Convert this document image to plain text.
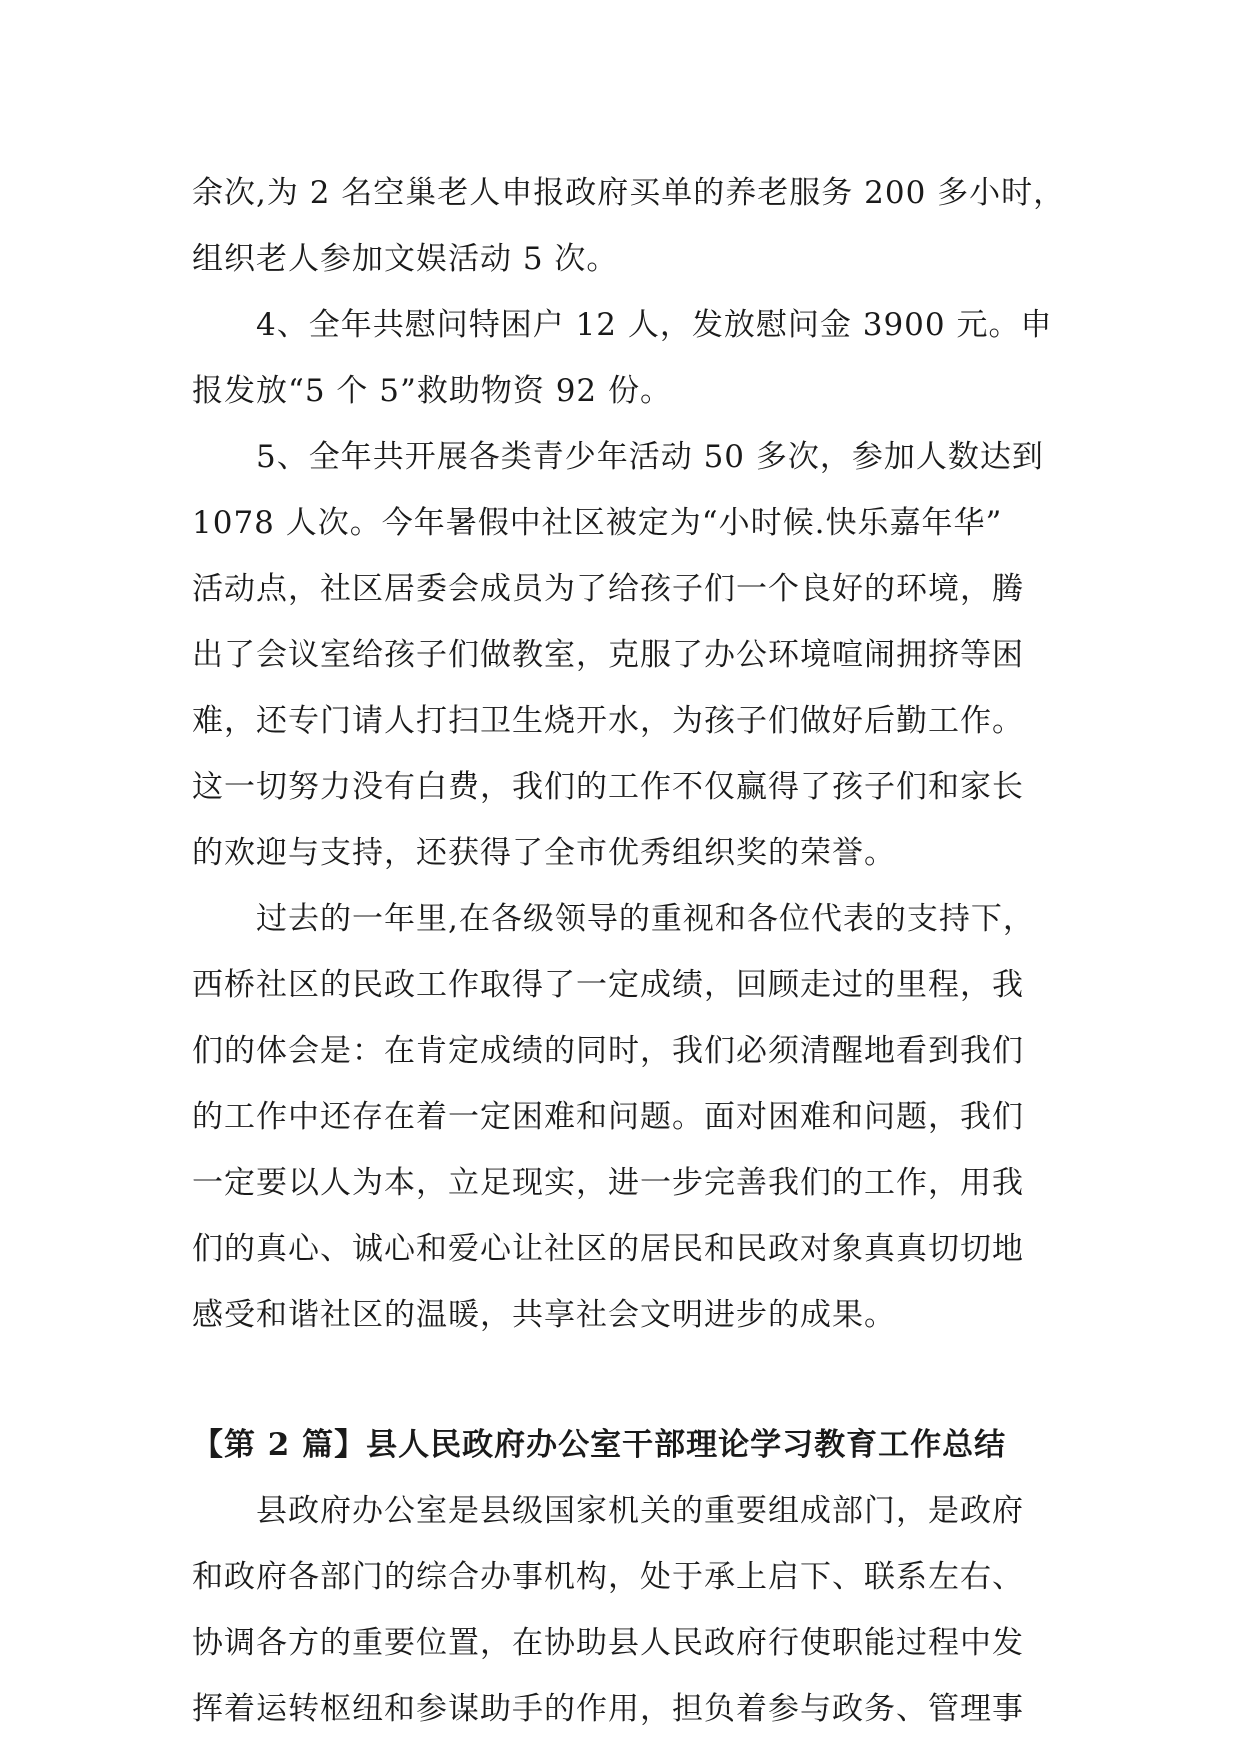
余次,为 2 名空巢老人申报政府买单的养老服务 200 多小时，
组织老人参加文娱活动 5 次。

4、全年共慰问特困户 12 人，发放慰问金 3900 元。申
报发放“5 个 5”救助物资 92 份。

5、全年共开展各类青少年活动 50 多次，参加人数达到
1078 人次。今年暑假中社区被定为“小时候.快乐嘉年华”
活动点，社区居委会成员为了给孩子们一个良好的环境，腾
出了会议室给孩子们做教室，克服了办公环境喧闹拥挤等困
难，还专门请人打扫卫生烧开水，为孩子们做好后勤工作。
这一切努力没有白费，我们的工作不仅赢得了孩子们和家长
的欢迎与支持，还获得了全市优秀组织奖的荣誉。

过去的一年里,在各级领导的重视和各位代表的支持下，
西桥社区的民政工作取得了一定成绩，回顾走过的里程，我
们的体会是：在肯定成绩的同时，我们必须清醒地看到我们
的工作中还存在着一定困难和问题。面对困难和问题，我们
一定要以人为本，立足现实，进一步完善我们的工作，用我
们的真心、诚心和爱心让社区的居民和民政对象真真切切地
感受和谐社区的温暖，共享社会文明进步的成果。

【第 2 篇】县人民政府办公室干部理论学习教育工作总结

县政府办公室是县级国家机关的重要组成部门，是政府
和政府各部门的综合办事机构，处于承上启下、联系左右、
协调各方的重要位置，在协助县人民政府行使职能过程中发
挥着运转枢纽和参谋助手的作用，担负着参与政务、管理事
